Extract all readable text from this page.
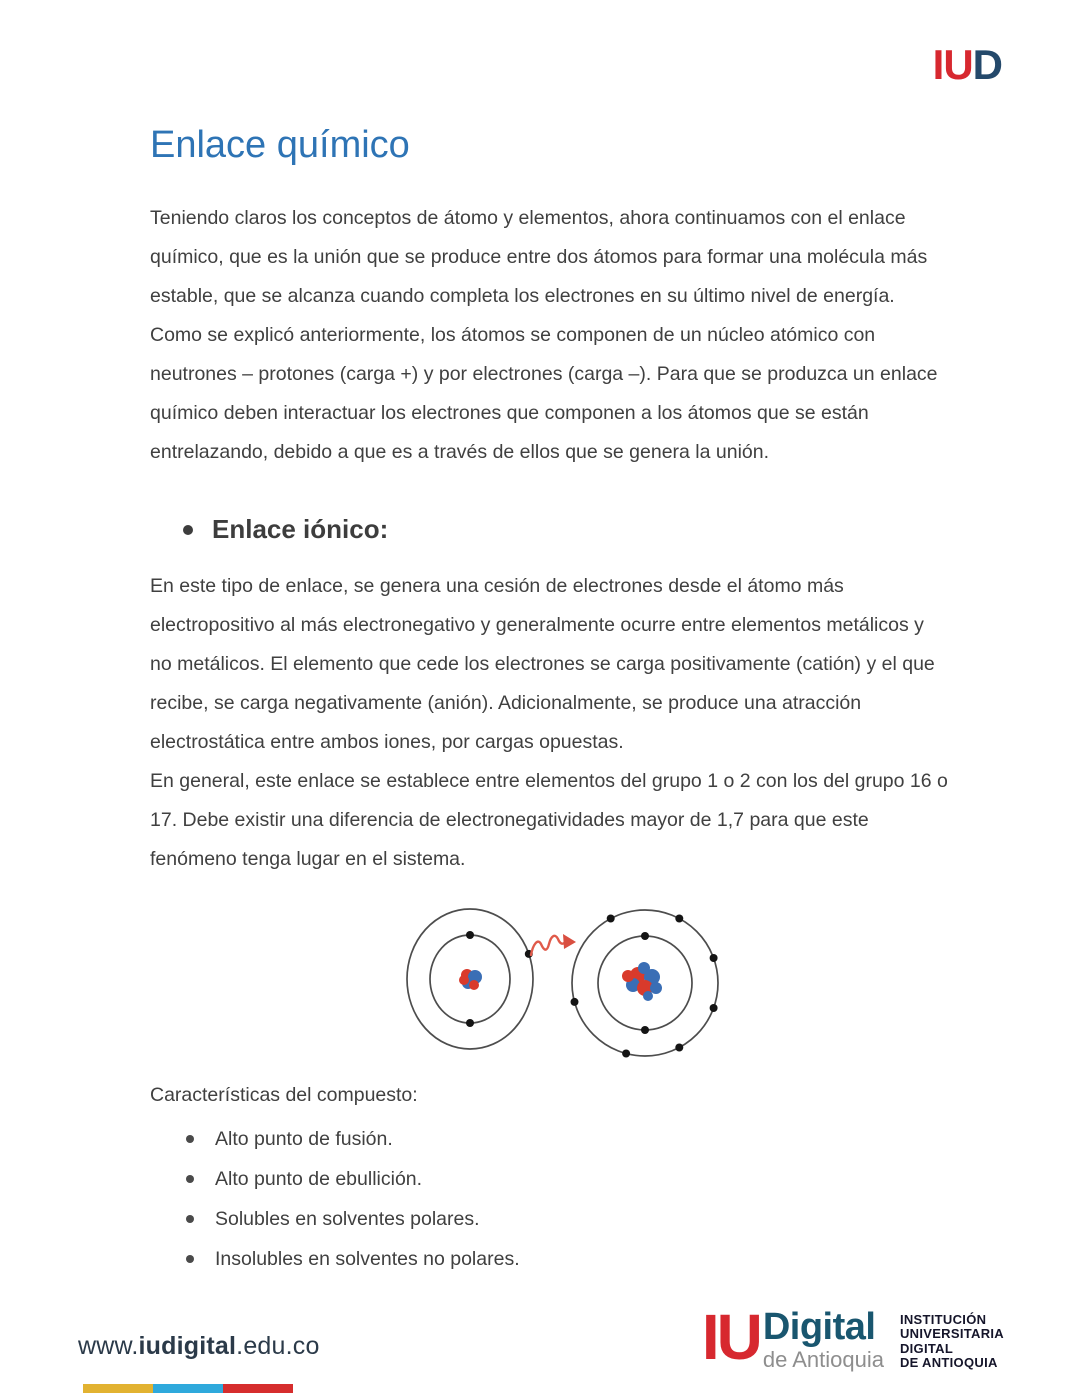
IUD
Enlace químico

Teniendo claros los conceptos de átomo y elementos, ahora continuamos con el enlace químico, que es la unión que se produce entre dos átomos para formar una molécula más estable, que se alcanza cuando completa los electrones en su último nivel de energía. Como se explicó anteriormente, los átomos se componen de un núcleo atómico con neutrones – protones (carga +) y por electrones (carga –). Para que se produzca un enlace químico deben interactuar los electrones que componen a los átomos que se están entrelazando, debido a que es a través de ellos que se genera la unión.

Enlace iónico:

En este tipo de enlace, se genera una cesión de electrones desde el átomo más electropositivo al más electronegativo y generalmente ocurre entre elementos metálicos y no metálicos. El elemento que cede los electrones se carga positivamente (catión) y el que recibe, se carga negativamente (anión). Adicionalmente, se produce una atracción electrostática entre ambos iones, por cargas opuestas.

En general, este enlace se establece entre elementos del grupo 1 o 2 con los del grupo 16 o 17. Debe existir una diferencia de electronegatividades mayor de 1,7 para que este fenómeno tenga lugar en el sistema.

Características del compuesto:

Alto punto de fusión.
Alto punto de ebullición.
Solubles en solventes polares.
Insolubles en solventes no polares.
www.iudigital.edu.co	IU Digital
de Antioquia
INSTITUCIÓN
UNIVERSITARIA
DIGITAL
DE ANTIOQUIA
